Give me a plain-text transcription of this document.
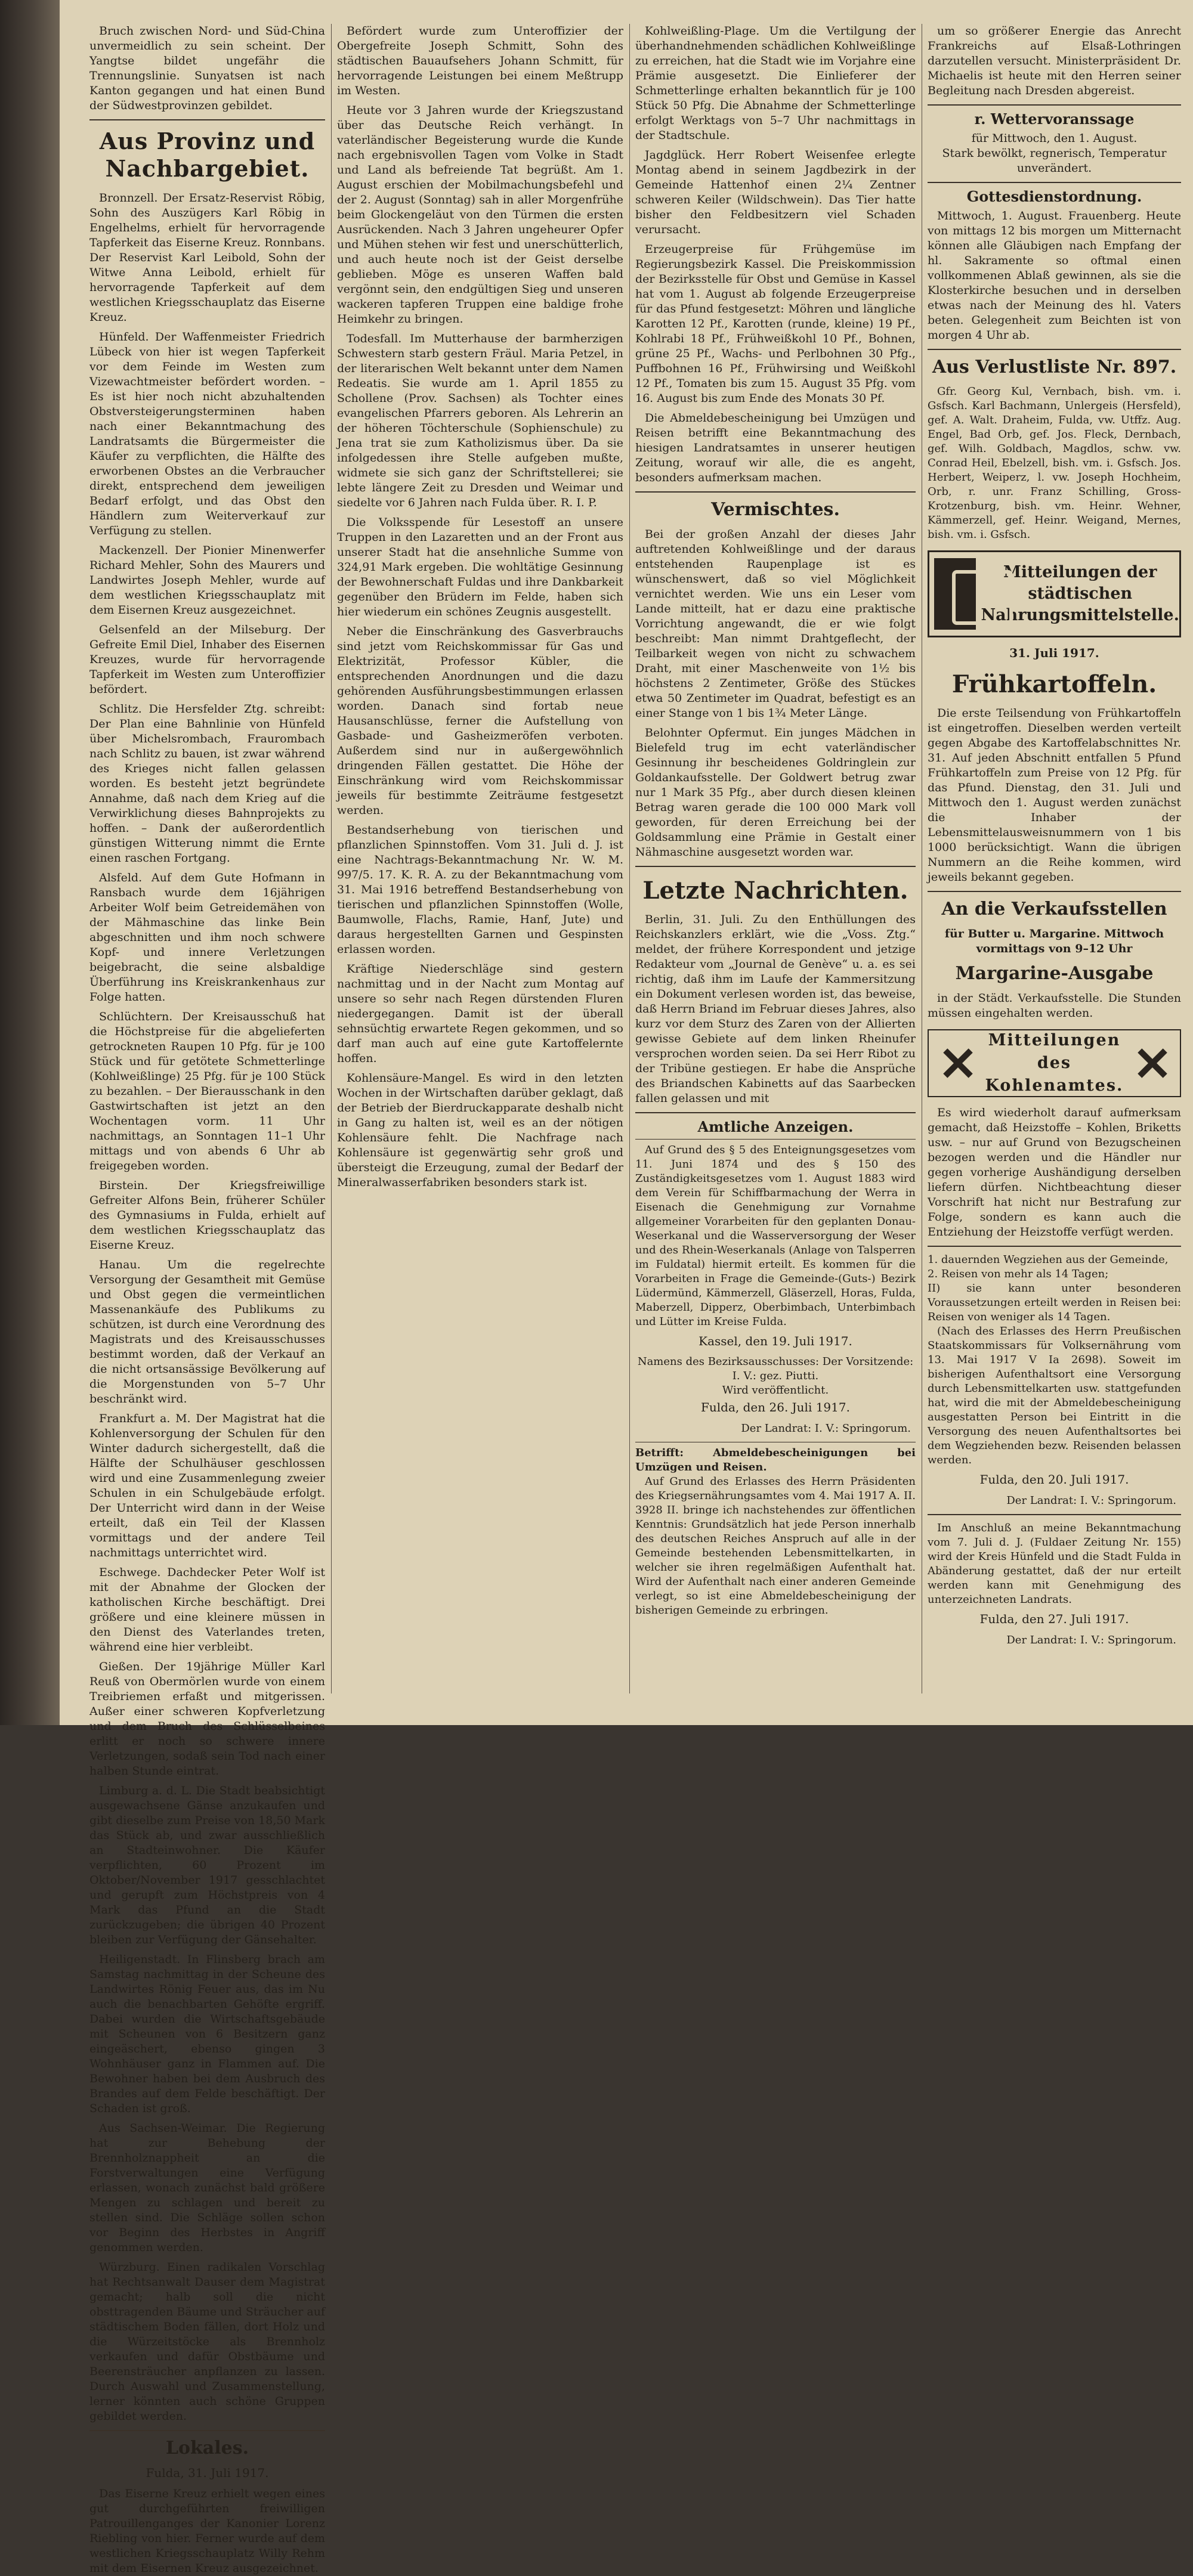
Bruch zwischen Nord- und Süd-China unvermeidlich zu sein scheint. Der Yangtse bildet ungefähr die Trennungslinie. Sunyatsen ist nach Kanton gegangen und hat einen Bund der Südwestprovinzen gebildet.

Aus Provinz und Nachbargebiet.

Bronnzell. Der Ersatz-Reservist Röbig, Sohn des Auszügers Karl Röbig in Engelhelms, erhielt für hervorragende Tapferkeit das Eiserne Kreuz. Ronnbans. Der Reservist Karl Leibold, Sohn der Witwe Anna Leibold, erhielt für hervorragende Tapferkeit auf dem westlichen Kriegsschauplatz das Eiserne Kreuz.

Hünfeld. Der Waffenmeister Friedrich Lübeck von hier ist wegen Tapferkeit vor dem Feinde im Westen zum Vizewachtmeister befördert worden. – Es ist hier noch nicht abzuhaltenden Obstversteigerungsterminen haben nach einer Bekanntmachung des Landratsamts die Bürgermeister die Käufer zu verpflichten, die Hälfte des erworbenen Obstes an die Verbraucher direkt, entsprechend dem jeweiligen Bedarf erfolgt, und das Obst den Händlern zum Weiterverkauf zur Verfügung zu stellen.

Mackenzell. Der Pionier Minenwerfer Richard Mehler, Sohn des Maurers und Landwirtes Joseph Mehler, wurde auf dem westlichen Kriegsschauplatz mit dem Eisernen Kreuz ausgezeichnet.

Gelsenfeld an der Milseburg. Der Gefreite Emil Diel, Inhaber des Eisernen Kreuzes, wurde für hervorragende Tapferkeit im Westen zum Unteroffizier befördert.

Schlitz. Die Hersfelder Ztg. schreibt: Der Plan eine Bahnlinie von Hünfeld über Michelsrombach, Fraurombach nach Schlitz zu bauen, ist zwar während des Krieges nicht fallen gelassen worden. Es besteht jetzt begründete Annahme, daß nach dem Krieg auf die Verwirklichung dieses Bahnprojekts zu hoffen. – Dank der außerordentlich günstigen Witterung nimmt die Ernte einen raschen Fortgang.

Alsfeld. Auf dem Gute Hofmann in Ransbach wurde dem 16jährigen Arbeiter Wolf beim Getreidemähen von der Mähmaschine das linke Bein abgeschnitten und ihm noch schwere Kopf- und innere Verletzungen beigebracht, die seine alsbaldige Überführung ins Kreiskrankenhaus zur Folge hatten.

Schlüchtern. Der Kreisausschuß hat die Höchstpreise für die abgelieferten getrockneten Raupen 10 Pfg. für je 100 Stück und für getötete Schmetterlinge (Kohlweißlinge) 25 Pfg. für je 100 Stück zu bezahlen. – Der Bierausschank in den Gastwirtschaften ist jetzt an den Wochentagen vorm. 11 Uhr nachmittags, an Sonntagen 11–1 Uhr mittags und von abends 6 Uhr ab freigegeben worden.

Birstein. Der Kriegsfreiwillige Gefreiter Alfons Bein, früherer Schüler des Gymnasiums in Fulda, erhielt auf dem westlichen Kriegsschauplatz das Eiserne Kreuz.

Hanau. Um die regelrechte Versorgung der Gesamtheit mit Gemüse und Obst gegen die vermeintlichen Massenankäufe des Publikums zu schützen, ist durch eine Verordnung des Magistrats und des Kreisausschusses bestimmt worden, daß der Verkauf an die nicht ortsansässige Bevölkerung auf die Morgenstunden von 5–7 Uhr beschränkt wird.

Frankfurt a. M. Der Magistrat hat die Kohlenversorgung der Schulen für den Winter dadurch sichergestellt, daß die Hälfte der Schulhäuser geschlossen wird und eine Zusammenlegung zweier Schulen in ein Schulgebäude erfolgt. Der Unterricht wird dann in der Weise erteilt, daß ein Teil der Klassen vormittags und der andere Teil nachmittags unterrichtet wird.

Eschwege. Dachdecker Peter Wolf ist mit der Abnahme der Glocken der katholischen Kirche beschäftigt. Drei größere und eine kleinere müssen in den Dienst des Vaterlandes treten, während eine hier verbleibt.

Gießen. Der 19jährige Müller Karl Reuß von Obermörlen wurde von einem Treibriemen erfaßt und mitgerissen. Außer einer schweren Kopfverletzung und dem Bruch des Schlüsselbeines erlitt er noch so schwere innere Verletzungen, sodaß sein Tod nach einer halben Stunde eintrat.

Limburg a. d. L. Die Stadt beabsichtigt ausgewachsene Gänse anzukaufen und gibt dieselbe zum Preise von 18,50 Mark das Stück ab, und zwar ausschließlich an Stadteinwohner. Die Käufer verpflichten, 60 Prozent im Oktober/November 1917 gesschlachtet und gerupft zum Höchstpreis von 4 Mark das Pfund an die Stadt zurückzugeben; die übrigen 40 Prozent bleiben zur Verfügung der Gänsehalter.

Heiligenstadt. In Flinsberg brach am Samstag nachmittag in der Scheune des Landwirtes Rönig Feuer aus, das im Nu auch die benachbarten Gehöfte ergriff. Dabei wurden die Wirtschaftsgebäude mit Scheunen von 6 Besitzern ganz eingeäschert, ebenso gingen 3 Wohnhäuser ganz in Flammen auf. Die Bewohner haben bei dem Ausbruch des Brandes auf dem Felde beschäftigt. Der Schaden ist groß.

Aus Sachsen-Weimar. Die Regierung hat zur Behebung der Brennholznappheit an die Forstverwaltungen eine Verfügung erlassen, wonach zunächst bald größere Mengen zu schlagen und bereit zu stellen sind. Die Schläge sollen schon vor Beginn des Herbstes in Angriff genommen werden.

Würzburg. Einen radikalen Vorschlag hat Rechtsanwalt Dauser dem Magistrat gemacht; halb soll die nicht obsttragenden Bäume und Sträucher auf städtischem Boden fällen, dort Holz und die Würzeitstöcke als Brennholz verkaufen und dafür Obstbäume und Beerensträucher anpflanzen zu lassen. Durch Auswahl und Zusammenstellung, lerner könnten auch schöne Gruppen gebildet werden.

Lokales.
Fulda, 31. Juli 1917.

Das Eiserne Kreuz erhielt wegen eines gut durchgeführten freiwilligen Patrouillenganges der Kanonier Lorenz Riebling von hier. Ferner wurde auf dem westlichen Kriegsschauplatz Willy Rehm mit dem Eisernen Kreuz ausgezeichnet.

Befördert wurde zum Unteroffizier der Obergefreite Joseph Schmitt, Sohn des städtischen Bauaufsehers Johann Schmitt, für hervorragende Leistungen bei einem Meßtrupp im Westen.

Heute vor 3 Jahren wurde der Kriegszustand über das Deutsche Reich verhängt. In vaterländischer Begeisterung wurde die Kunde nach ergebnisvollen Tagen vom Volke in Stadt und Land als befreiende Tat begrüßt. Am 1. August erschien der Mobilmachungsbefehl und der 2. August (Sonntag) sah in aller Morgenfrühe beim Glockengeläut von den Türmen die ersten Ausrückenden. Nach 3 Jahren ungeheurer Opfer und Mühen stehen wir fest und unerschütterlich, und auch heute noch ist der Geist derselbe geblieben. Möge es unseren Waffen bald vergönnt sein, den endgültigen Sieg und unseren wackeren tapferen Truppen eine baldige frohe Heimkehr zu bringen.

Todesfall. Im Mutterhause der barmherzigen Schwestern starb gestern Fräul. Maria Petzel, in der literarischen Welt bekannt unter dem Namen Redeatis. Sie wurde am 1. April 1855 zu Schollene (Prov. Sachsen) als Tochter eines evangelischen Pfarrers geboren. Als Lehrerin an der höheren Töchterschule (Sophienschule) zu Jena trat sie zum Katholizismus über. Da sie infolgedessen ihre Stelle aufgeben mußte, widmete sie sich ganz der Schriftstellerei; sie lebte längere Zeit zu Dresden und Weimar und siedelte vor 6 Jahren nach Fulda über. R. I. P.

Die Volksspende für Lesestoff an unsere Truppen in den Lazaretten und an der Front aus unserer Stadt hat die ansehnliche Summe von 324,91 Mark ergeben. Die wohltätige Gesinnung der Bewohnerschaft Fuldas und ihre Dankbarkeit gegenüber den Brüdern im Felde, haben sich hier wiederum ein schönes Zeugnis ausgestellt.

Neber die Einschränkung des Gasverbrauchs sind jetzt vom Reichskommissar für Gas und Elektrizität, Professor Kübler, die entsprechenden Anordnungen und die dazu gehörenden Ausführungsbestimmungen erlassen worden. Danach sind fortab neue Hausanschlüsse, ferner die Aufstellung von Gasbade- und Gasheizmeröfen verboten. Außerdem sind nur in außergewöhnlich dringenden Fällen gestattet. Die Höhe der Einschränkung wird vom Reichskommissar jeweils für bestimmte Zeiträume festgesetzt werden.

Bestandserhebung von tierischen und pflanzlichen Spinnstoffen. Vom 31. Juli d. J. ist eine Nachtrags-Bekanntmachung Nr. W. M. 997/5. 17. K. R. A. zu der Bekanntmachung vom 31. Mai 1916 betreffend Bestandserhebung von tierischen und pflanzlichen Spinnstoffen (Wolle, Baumwolle, Flachs, Ramie, Hanf, Jute) und daraus hergestellten Garnen und Gespinsten erlassen worden.

Kräftige Niederschläge sind gestern nachmittag und in der Nacht zum Montag auf unsere so sehr nach Regen dürstenden Fluren niedergegangen. Damit ist der überall sehnsüchtig erwartete Regen gekommen, und so darf man auch auf eine gute Kartoffelernte hoffen.

Kohlensäure-Mangel. Es wird in den letzten Wochen in der Wirtschaften darüber geklagt, daß der Betrieb der Bierdruckapparate deshalb nicht in Gang zu halten ist, weil es an der nötigen Kohlensäure fehlt. Die Nachfrage nach Kohlensäure ist gegenwärtig sehr groß und übersteigt die Erzeugung, zumal der Bedarf der Mineralwasserfabriken besonders stark ist.

Kohlweißling-Plage. Um die Vertilgung der überhandnehmenden schädlichen Kohlweißlinge zu erreichen, hat die Stadt wie im Vorjahre eine Prämie ausgesetzt. Die Einlieferer der Schmetterlinge erhalten bekanntlich für je 100 Stück 50 Pfg. Die Abnahme der Schmetterlinge erfolgt Werktags von 5–7 Uhr nachmittags in der Stadtschule.

Jagdglück. Herr Robert Weisenfee erlegte Montag abend in seinem Jagdbezirk in der Gemeinde Hattenhof einen 2¼ Zentner schweren Keiler (Wildschwein). Das Tier hatte bisher den Feldbesitzern viel Schaden verursacht.

Erzeugerpreise für Frühgemüse im Regierungsbezirk Kassel. Die Preiskommission der Bezirksstelle für Obst und Gemüse in Kassel hat vom 1. August ab folgende Erzeugerpreise für das Pfund festgesetzt: Möhren und längliche Karotten 12 Pf., Karotten (runde, kleine) 19 Pf., Kohlrabi 18 Pf., Frühweißkohl 10 Pf., Bohnen, grüne 25 Pf., Wachs- und Perlbohnen 30 Pfg., Puffbohnen 16 Pf., Frühwirsing und Weißkohl 12 Pf., Tomaten bis zum 15. August 35 Pfg. vom 16. August bis zum Ende des Monats 30 Pf.

Die Abmeldebescheinigung bei Umzügen und Reisen betrifft eine Bekanntmachung des hiesigen Landratsamtes in unserer heutigen Zeitung, worauf wir alle, die es angeht, besonders aufmerksam machen.

Vermischtes.

Bei der großen Anzahl der dieses Jahr auftretenden Kohlweißlinge und der daraus entstehenden Raupenplage ist es wünschenswert, daß so viel Möglichkeit vernichtet werden. Wie uns ein Leser vom Lande mitteilt, hat er dazu eine praktische Vorrichtung angewandt, die er wie folgt beschreibt: Man nimmt Drahtgeflecht, der Teilbarkeit wegen von nicht zu schwachem Draht, mit einer Maschenweite von 1½ bis höchstens 2 Zentimeter, Größe des Stückes etwa 50 Zentimeter im Quadrat, befestigt es an einer Stange von 1 bis 1¾ Meter Länge.

Belohnter Opfermut. Ein junges Mädchen in Bielefeld trug im echt vaterländischer Gesinnung ihr bescheidenes Goldringlein zur Goldankaufsstelle. Der Goldwert betrug zwar nur 1 Mark 35 Pfg., aber durch diesen kleinen Betrag waren gerade die 100 000 Mark voll geworden, für deren Erreichung bei der Goldsammlung eine Prämie in Gestalt einer Nähmaschine ausgesetzt worden war.

Letzte Nachrichten.

Berlin, 31. Juli. Zu den Enthüllungen des Reichskanzlers erklärt, wie die „Voss. Ztg.“ meldet, der frühere Korrespondent und jetzige Redakteur vom „Journal de Genève“ u. a. es sei richtig, daß ihm im Laufe der Kammersitzung ein Dokument verlesen worden ist, das beweise, daß Herrn Briand im Februar dieses Jahres, also kurz vor dem Sturz des Zaren von der Allierten gewisse Gebiete auf dem linken Rheinufer versprochen worden seien. Da sei Herr Ribot zu der Tribüne gestiegen. Er habe die Ansprüche des Briandschen Kabinetts auf das Saarbecken fallen gelassen und mit

Amtliche Anzeigen.

Auf Grund des § 5 des Enteignungsgesetzes vom 11. Juni 1874 und des § 150 des Zuständigkeitsgesetzes vom 1. August 1883 wird dem Verein für Schiffbarmachung der Werra in Eisenach die Genehmigung zur Vornahme allgemeiner Vorarbeiten für den geplanten Donau-Weserkanal und die Wasserversorgung der Weser und des Rhein-Weserkanals (Anlage von Talsperren im Fuldatal) hiermit erteilt. Es kommen für die Vorarbeiten in Frage die Gemeinde-(Guts-) Bezirk Lüdermünd, Kämmerzell, Gläserzell, Horas, Fulda, Maberzell, Dipperz, Oberbimbach, Unterbimbach und Lütter im Kreise Fulda.

Kassel, den 19. Juli 1917.
Namens des Bezirksausschusses: Der Vorsitzende: I. V.: gez. Piutti.
Wird veröffentlicht.
Fulda, den 26. Juli 1917.
Der Landrat: I. V.: Springorum.
Betrifft: Abmeldebescheinigungen bei Umzügen und Reisen.

Auf Grund des Erlasses des Herrn Präsidenten des Kriegsernährungsamtes vom 4. Mai 1917 A. II. 3928 II. bringe ich nachstehendes zur öffentlichen Kenntnis: Grundsätzlich hat jede Person innerhalb des deutschen Reiches Anspruch auf alle in der Gemeinde bestehenden Lebensmittelkarten, in welcher sie ihren regelmäßigen Aufenthalt hat. Wird der Aufenthalt nach einer anderen Gemeinde verlegt, so ist eine Abmeldebescheinigung der bisherigen Gemeinde zu erbringen.

um so größerer Energie das Anrecht Frankreichs auf Elsaß-Lothringen darzutellen versucht. Ministerpräsident Dr. Michaelis ist heute mit den Herren seiner Begleitung nach Dresden abgereist.

r. Wettervoranssage
für Mittwoch, den 1. August.
Stark bewölkt, regnerisch, Temperatur unverändert.
Gottesdienstordnung.

Mittwoch, 1. August. Frauenberg. Heute von mittags 12 bis morgen um Mitternacht können alle Gläubigen nach Empfang der hl. Sakramente so oftmal einen vollkommenen Ablaß gewinnen, als sie die Klosterkirche besuchen und in derselben etwas nach der Meinung des hl. Vaters beten. Gelegenheit zum Beichten ist von morgen 4 Uhr ab.

Aus Verlustliste Nr. 897.

Gfr. Georg Kul, Vernbach, bish. vm. i. Gsfsch. Karl Bachmann, Unlergeis (Hersfeld), gef. A. Walt. Draheim, Fulda, vw. Utffz. Aug. Engel, Bad Orb, gef. Jos. Fleck, Dernbach, gef. Wilh. Goldbach, Magdlos, schw. vw. Conrad Heil, Ebelzell, bish. vm. i. Gsfsch. Jos. Herbert, Weiperz, l. vw. Joseph Hochheim, Orb, r. unr. Franz Schilling, Gross-Krotzenburg, bish. vm. Heinr. Wehner, Kämmerzell, gef. Heinr. Weigand, Mernes, bish. vm. i. Gsfsch.

Mitteilungen der städtischen Nahrungsmittelstelle.
31. Juli 1917.
Frühkartoffeln.

Die erste Teilsendung von Frühkartoffeln ist eingetroffen. Dieselben werden verteilt gegen Abgabe des Kartoffelabschnittes Nr. 31. Auf jeden Abschnitt entfallen 5 Pfund Frühkartoffeln zum Preise von 12 Pfg. für das Pfund. Dienstag, den 31. Juli und Mittwoch den 1. August werden zunächst die Inhaber der Lebensmittelausweisnummern von 1 bis 1000 berücksichtigt. Wann die übrigen Nummern an die Reihe kommen, wird jeweils bekannt gegeben.

An die Verkaufsstellen
für Butter u. Margarine. Mittwoch vormittags von 9–12 Uhr
Margarine-Ausgabe

in der Städt. Verkaufsstelle. Die Stunden müssen eingehalten werden.

Mitteilungen des Kohlenamtes.

Es wird wiederholt darauf aufmerksam gemacht, daß Heizstoffe – Kohlen, Briketts usw. – nur auf Grund von Bezugscheinen bezogen werden und die Händler nur gegen vorherige Aushändigung derselben liefern dürfen. Nichtbeachtung dieser Vorschrift hat nicht nur Bestrafung zur Folge, sondern es kann auch die Entziehung der Heizstoffe verfügt werden.

1. dauernden Wegziehen aus der Gemeinde,
2. Reisen von mehr als 14 Tagen;
II) sie kann unter besonderen Voraussetzungen erteilt werden in Reisen bei: Reisen von weniger als 14 Tagen.

(Nach des Erlasses des Herrn Preußischen Staatskommissars für Volksernährung vom 13. Mai 1917 V Ia 2698). Soweit im bisherigen Aufenthaltsort eine Versorgung durch Lebensmittelkarten usw. stattgefunden hat, wird die mit der Abmeldebescheinigung ausgestatten Person bei Eintritt in die Versorgung des neuen Aufenthaltsortes bei dem Wegziehenden bezw. Reisenden belassen werden.

Fulda, den 20. Juli 1917.
Der Landrat: I. V.: Springorum.

Im Anschluß an meine Bekanntmachung vom 7. Juli d. J. (Fuldaer Zeitung Nr. 155) wird der Kreis Hünfeld und die Stadt Fulda in Abänderung gestattet, daß der nur erteilt werden kann mit Genehmigung des unterzeichneten Landrats.

Fulda, den 27. Juli 1917.
Der Landrat: I. V.: Springorum.
